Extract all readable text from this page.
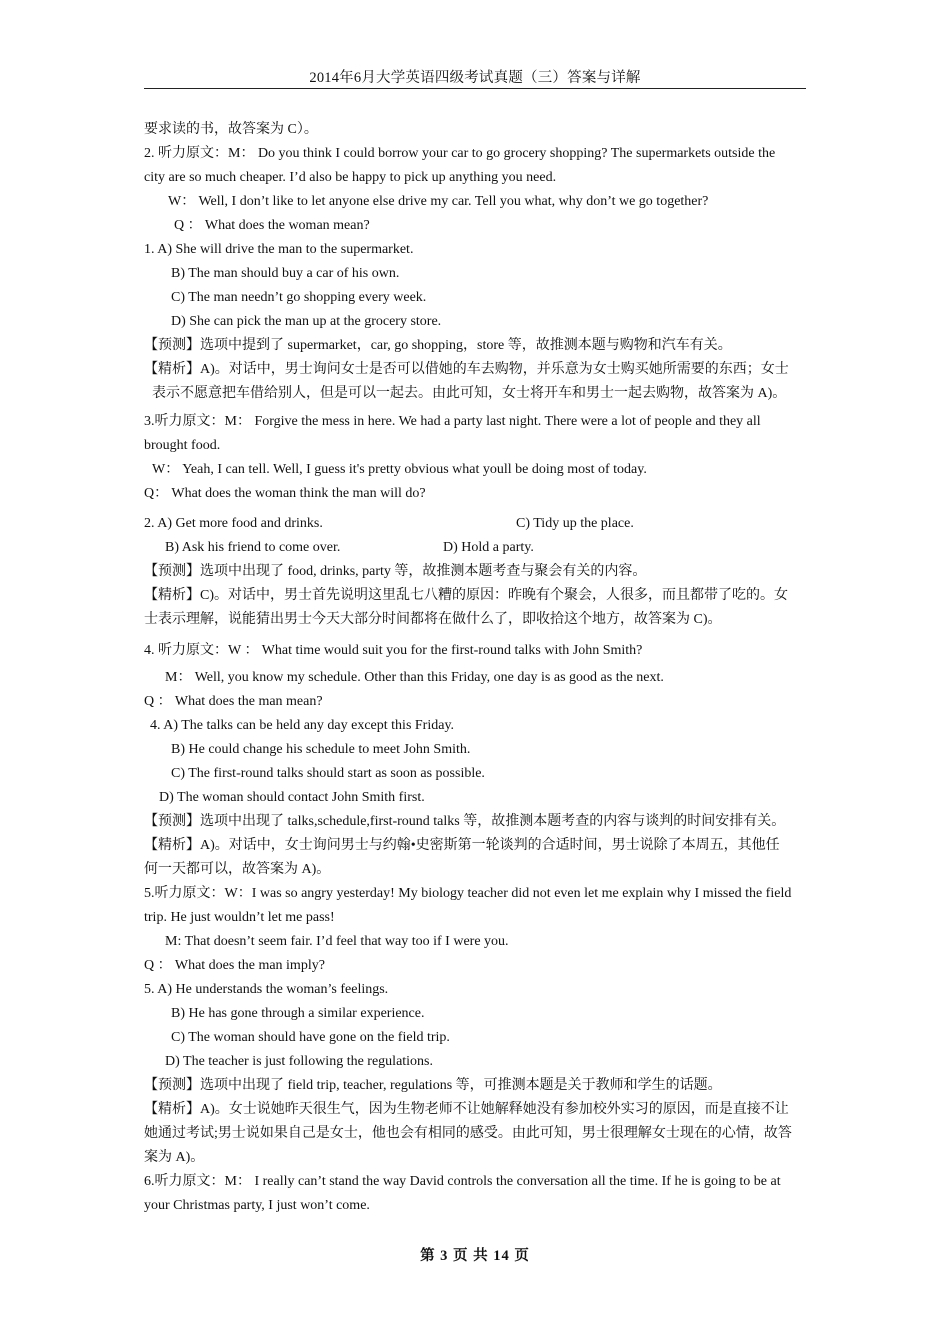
2014年6月大学英语四级考试真题（三）答案与详解
要求读的书，故答案为 C）。
2. 听力原文：M： Do you think I could borrow your car to go grocery shopping? The supermarkets outside the
city are so much cheaper. I’d also be happy to pick up anything you need.
W： Well, I don’t like to let anyone else drive my car. Tell you what, why don’t we go together?
Q ： What does the woman mean?
1. A) She will drive the man to the supermarket.
B) The man should buy a car of his own.
C) The man needn’t go shopping every week.
D) She can pick the man up at the grocery store.
【预测】选项中提到了 supermarket，car, go shopping，store 等，故推测本题与购物和汽车有关。
【精析】A)。对话中，男士询问女士是否可以借她的车去购物，并乐意为女士购买她所需要的东西；女士
表示不愿意把车借给别人，但是可以一起去。由此可知，女士将开车和男士一起去购物，故答案为 A)。
3.听力原文：M： Forgive the mess in here. We had a party last night. There were a lot of people and they all
brought food.
W： Yeah, I can tell. Well, I guess it's pretty obvious what youll be doing most of today.
Q： What does the woman think the man will do?
2. A) Get more food and drinks.	C) Tidy up the place.
B) Ask his friend to come over.	D) Hold a party.
【预测】选项中出现了 food, drinks, party 等，故推测本题考查与聚会有关的内容。
【精析】C)。对话中，男士首先说明这里乱七八糟的原因：昨晚有个聚会，人很多，而且都带了吃的。女
士表示理解，说能猜出男士今天大部分时间都将在做什么了，即收拾这个地方，故答案为 C)。
4. 听力原文：W ： What time would suit you for the first-round talks with John Smith?
M： Well, you know my schedule. Other than this Friday, one day is as good as the next.
Q ： What does the man mean?
4. A) The talks can be held any day except this Friday.
B) He could change his schedule to meet John Smith.
C) The first-round talks should start as soon as possible.
D) The woman should contact John Smith first.
【预测】选项中出现了 talks,schedule,first-round talks 等，故推测本题考查的内容与谈判的时间安排有关。
【精析】A)。对话中，女士询问男士与约翰•史密斯第一轮谈判的合适时间，男士说除了本周五，其他任
何一天都可以，故答案为 A)。
5.听力原文：W：I was so angry yesterday! My biology teacher did not even let me explain why I missed the field
trip. He just wouldn’t let me pass!
M: That doesn’t seem fair. I’d feel that way too if I were you.
Q ： What does the man imply?
5. A) He understands the woman’s feelings.
B) He has gone through a similar experience.
C) The woman should have gone on the field trip.
D) The teacher is just following the regulations.
【预测】选项中出现了 field trip, teacher, regulations 等，可推测本题是关于教师和学生的话题。
【精析】A)。女士说她昨天很生气，因为生物老师不让她解释她没有参加校外实习的原因，而是直接不让
她通过考试;男士说如果自己是女士，他也会有相同的感受。由此可知，男士很理解女士现在的心情，故答
案为 A)。
6.听力原文：M： I really can’t stand the way David controls the conversation all the time. If he is going to be at
your Christmas party, I just won’t come.
第 3 页 共 14 页
